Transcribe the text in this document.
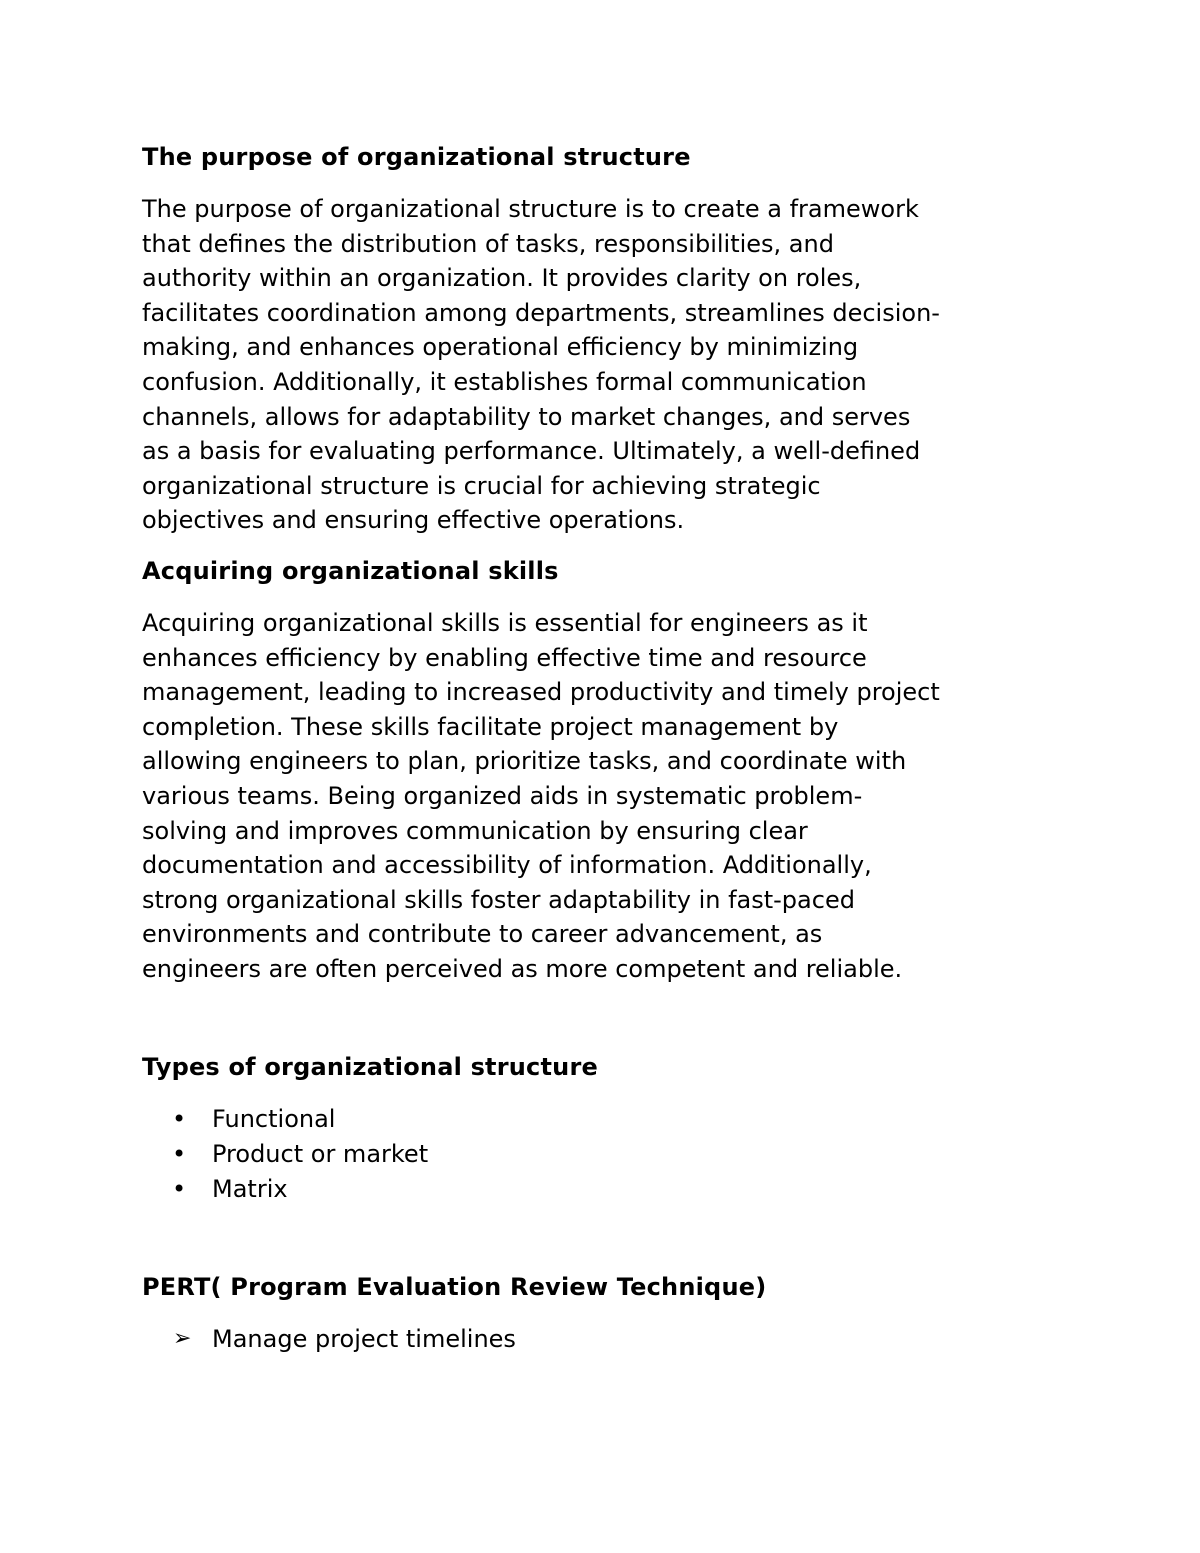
The purpose of organizational structure

The purpose of organizational structure is to create a framework
that defines the distribution of tasks, responsibilities, and
authority within an organization. It provides clarity on roles,
facilitates coordination among departments, streamlines decision-
making, and enhances operational efficiency by minimizing
confusion. Additionally, it establishes formal communication
channels, allows for adaptability to market changes, and serves
as a basis for evaluating performance. Ultimately, a well-defined
organizational structure is crucial for achieving strategic
objectives and ensuring effective operations.

Acquiring organizational skills

Acquiring organizational skills is essential for engineers as it
enhances efficiency by enabling effective time and resource
management, leading to increased productivity and timely project
completion. These skills facilitate project management by
allowing engineers to plan, prioritize tasks, and coordinate with
various teams. Being organized aids in systematic problem-
solving and improves communication by ensuring clear
documentation and accessibility of information. Additionally,
strong organizational skills foster adaptability in fast-paced
environments and contribute to career advancement, as
engineers are often perceived as more competent and reliable.

Types of organizational structure
•	Functional
•	Product or market
•	Matrix
PERT( Program Evaluation Review Technique)
➢ Manage project timelines
